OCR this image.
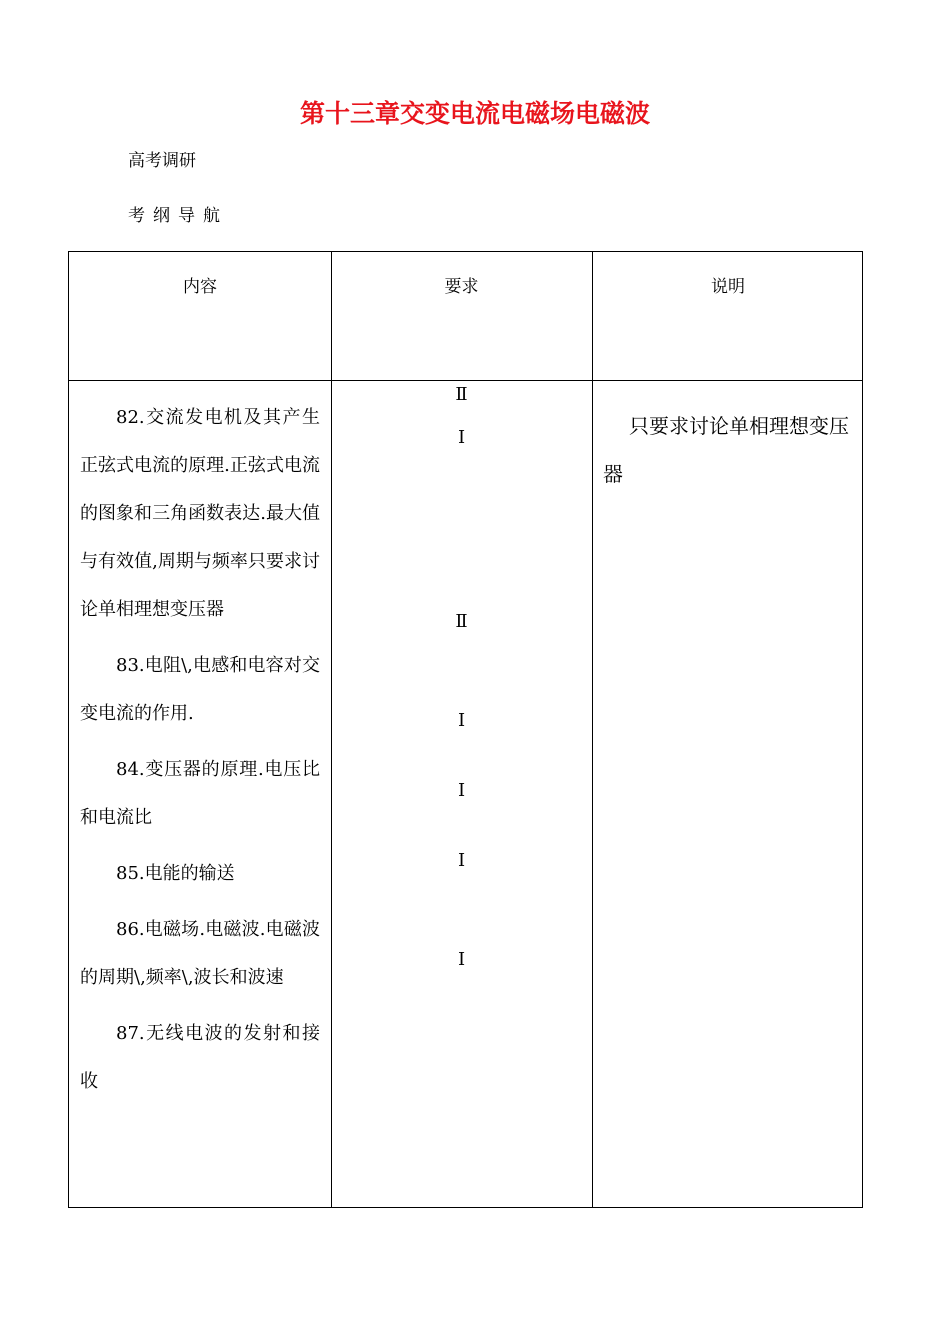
第十三章交变电流电磁场电磁波
高考调研
考纲导航
内容	要求	说明

82.交流发电机及其产生正弦式电流的原理.正弦式电流的图象和三角函数表达.最大值与有效值,周期与频率只要求讨论单相理想变压器

83.电阻\,电感和电容对交变电流的作用.

84.变压器的原理.电压比和电流比

85.电能的输送

86.电磁场.电磁波.电磁波的周期\,频率\,波长和波速

87.无线电波的发射和接收

Ⅱ
Ⅰ
Ⅱ
Ⅰ
Ⅰ
Ⅰ
Ⅰ

只要求讨论单相理想变压器
